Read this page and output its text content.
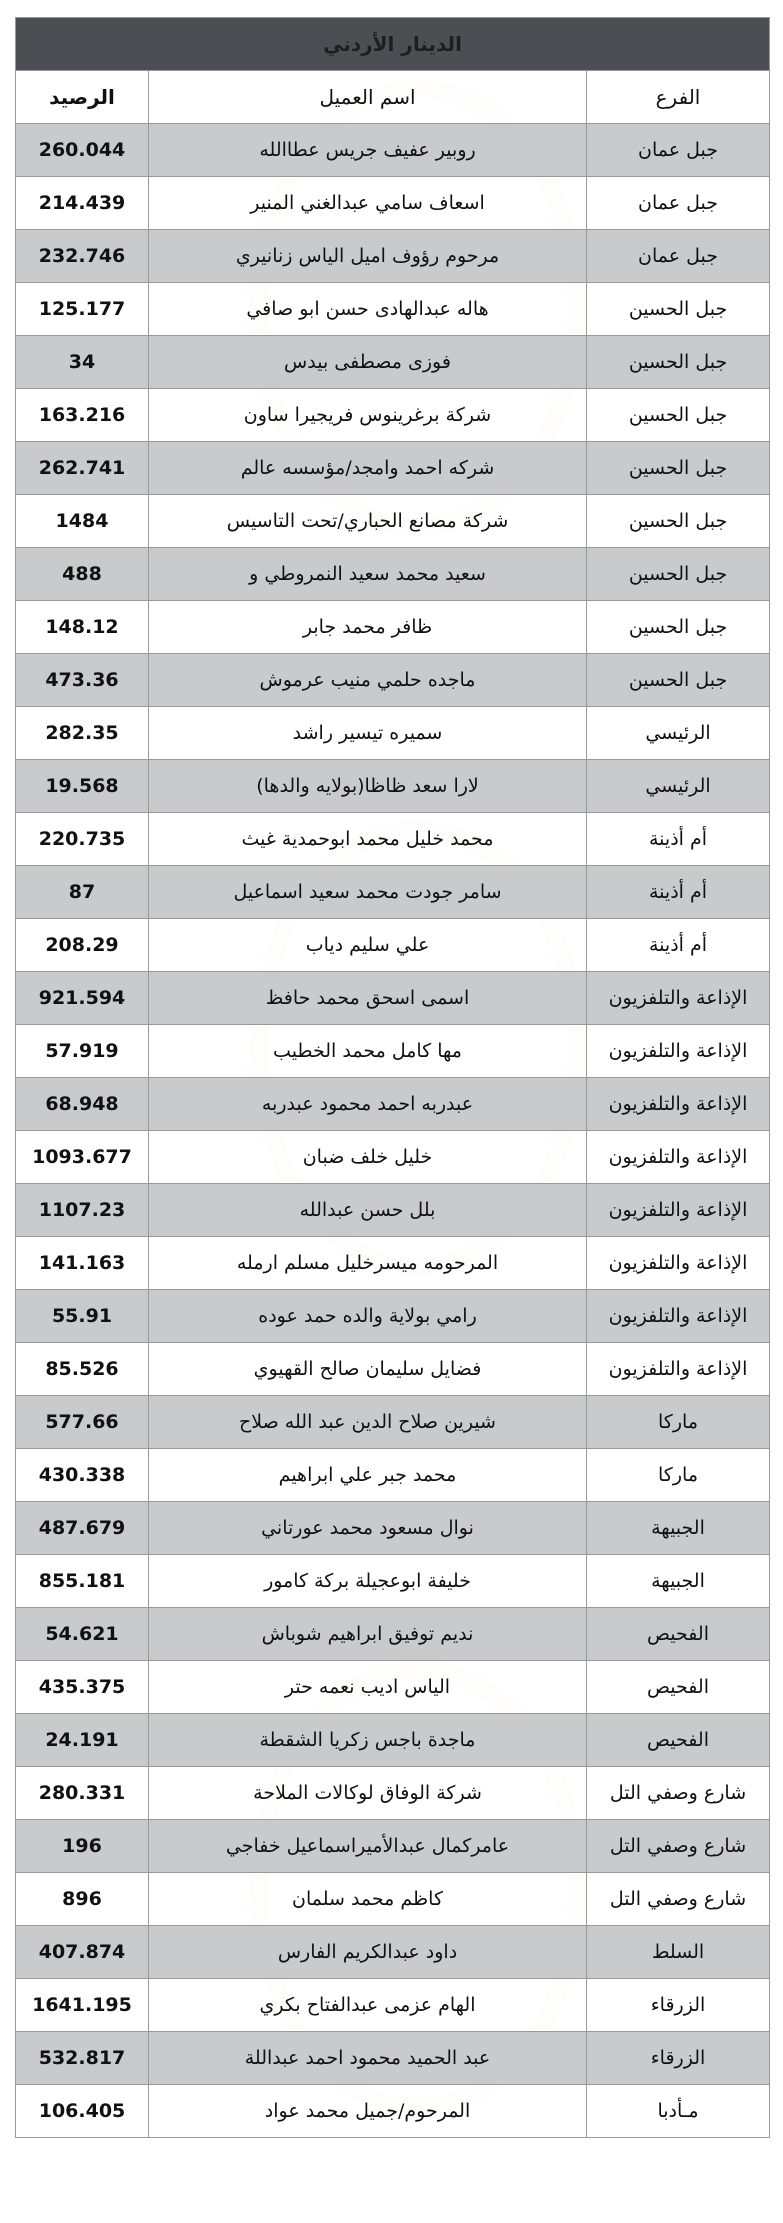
الدينار الأردني
الفرع
اسم العميل
الرصيد
جبل عمان
روبير عفيف جريس عطاالله
260.044
جبل عمان
اسعاف سامي عبدالغني المنير
214.439
جبل عمان
مرحوم رؤوف اميل الياس زنانيري
232.746
جبل الحسين
هاله عبدالهادى حسن ابو صافي
125.177
جبل الحسين
فوزى مصطفى بيدس
34
جبل الحسين
شركة برغرينوس فريجيرا ساون
163.216
جبل الحسين
شركه احمد وامجد/مؤسسه عالم
262.741
جبل الحسين
شركة مصانع الحباري/تحت التاسيس
1484
جبل الحسين
سعيد محمد سعيد النمروطي و
488
جبل الحسين
ظافر محمد جابر
148.12
جبل الحسين
ماجده حلمي منيب عرموش
473.36
الرئيسي
سميره تيسير راشد
282.35
الرئيسي
لارا سعد ظاظا(بولايه والدها)
19.568
أم أذينة
محمد خليل محمد ابوحمدية غيث
220.735
أم أذينة
سامر جودت محمد سعيد اسماعيل
87
أم أذينة
علي سليم دياب
208.29
الإذاعة والتلفزيون
اسمى اسحق محمد حافظ
921.594
الإذاعة والتلفزيون
مها كامل محمد الخطيب
57.919
الإذاعة والتلفزيون
عبدربه احمد محمود عبدربه
68.948
الإذاعة والتلفزيون
خليل خلف ضبان
1093.677
الإذاعة والتلفزيون
بلل حسن عبدالله
1107.23
الإذاعة والتلفزيون
المرحومه ميسرخليل مسلم ارمله
141.163
الإذاعة والتلفزيون
رامي بولاية والده حمد عوده
55.91
الإذاعة والتلفزيون
فضايل سليمان صالح القهيوي
85.526
ماركا
شيرين صلاح الدين عبد الله صلاح
577.66
ماركا
محمد جبر علي ابراهيم
430.338
الجبيهة
نوال مسعود محمد عورتاني
487.679
الجبيهة
خليفة ابوعجيلة بركة كامور
855.181
الفحيص
نديم توفيق ابراهيم شوباش
54.621
الفحيص
الياس اديب نعمه حتر
435.375
الفحيص
ماجدة باجس زكريا الشقطة
24.191
شارع وصفي التل
شركة الوفاق لوكالات الملاحة
280.331
شارع وصفي التل
عامركمال عبدالأميراسماعيل خفاجي
196
شارع وصفي التل
كاظم محمد سلمان
896
السلط
داود عبدالكريم الفارس
407.874
الزرقاء
الهام عزمى عبدالفتاح بكري
1641.195
الزرقاء
عبد الحميد محمود احمد عبداللة
532.817
مـأدبا
المرحوم/جميل محمد عواد
106.405
